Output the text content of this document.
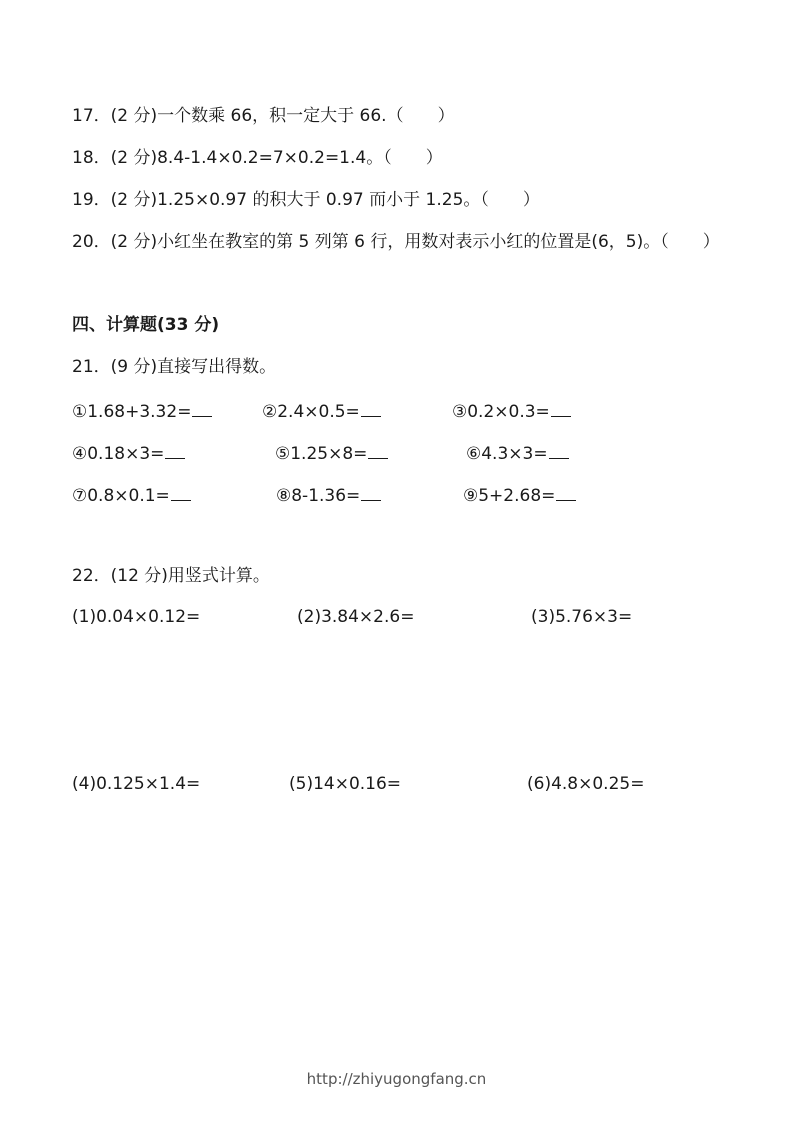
17．(2 分)一个数乘 66，积一定大于 66.（　　）
18．(2 分)8.4-1.4×0.2=7×0.2=1.4。（　　）
19．(2 分)1.25×0.97 的积大于 0.97 而小于 1.25。（　　）
20．(2 分)小红坐在教室的第 5 列第 6 行，用数对表示小红的位置是(6，5)。（　　）
四、计算题(33 分)
21．(9 分)直接写出得数。
①1.68+3.32=	②2.4×0.5=	③0.2×0.3=
④0.18×3=	⑤1.25×8=	⑥4.3×3=
⑦0.8×0.1=	⑧8-1.36=	⑨5+2.68=
22．(12 分)用竖式计算。
(1)0.04×0.12=	(2)3.84×2.6=	(3)5.76×3=
(4)0.125×1.4=	(5)14×0.16=	(6)4.8×0.25=
http://zhiyugongfang.cn
